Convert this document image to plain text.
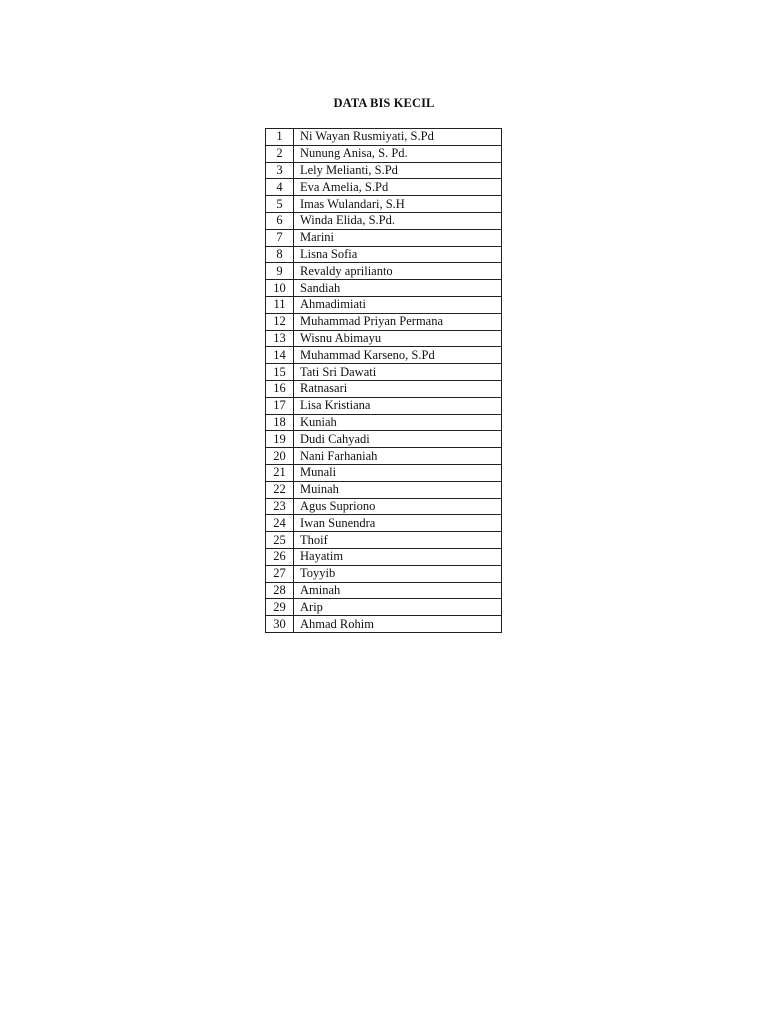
DATA BIS KECIL
1	Ni Wayan Rusmiyati, S.Pd
2	Nunung Anisa, S. Pd.
3	Lely Melianti, S.Pd
4	Eva Amelia, S.Pd
5	Imas Wulandari, S.H
6	Winda Elida, S.Pd.
7	Marini
8	Lisna Sofia
9	Revaldy aprilianto
10	Sandiah
11	Ahmadimiati
12	Muhammad Priyan Permana
13	Wisnu Abimayu
14	Muhammad Karseno, S.Pd
15	Tati Sri Dawati
16	Ratnasari
17	Lisa Kristiana
18	Kuniah
19	Dudi Cahyadi
20	Nani Farhaniah
21	Munali
22	Muinah
23	Agus Supriono
24	Iwan Sunendra
25	Thoif
26	Hayatim
27	Toyyib
28	Aminah
29	Arip
30	Ahmad Rohim
